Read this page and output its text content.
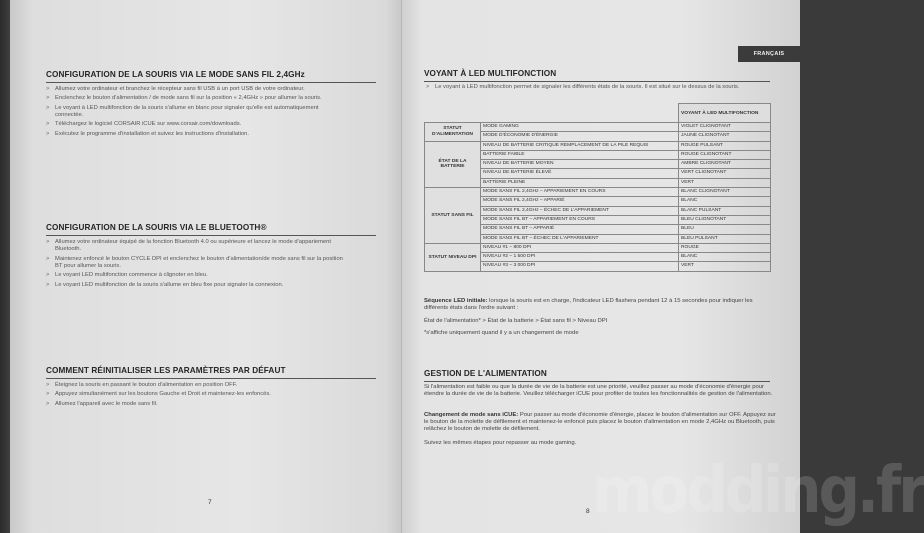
CONFIGURATION DE LA SOURIS VIA LE MODE SANS FIL 2,4GHz
> Allumez votre ordinateur et branchez le récepteur sans fil USB à un port USB de votre ordinateur.
> Enclenchez le bouton d'alimentation / de mode sans fil sur la position « 2,4GHz » pour allumer la souris.
> Le voyant à LED multifonction de la souris s'allume en blanc pour signaler qu'elle est automatiquement connectée.
> Téléchargez le logiciel CORSAIR iCUE sur www.corsair.com/downloads.
> Exécutez le programme d'installation et suivez les instructions d'installation.
CONFIGURATION DE LA SOURIS VIA LE BLUETOOTH®
> Allumez votre ordinateur équipé de la fonction Bluetooth 4.0 ou supérieure et lancez le mode d'appariement Bluetooth.
> Maintenez enfoncé le bouton CYCLE DPI et enclenchez le bouton d'alimentation/de mode sans fil sur la position BT pour allumer la souris.
> Le voyant LED multifonction commence à clignoter en bleu.
> Le voyant LED multifonction de la souris s'allume en bleu fixe pour signaler la connexion.
COMMENT RÉINITIALISER LES PARAMÈTRES PAR DÉFAUT
> Éteignez la souris en passant le bouton d'alimentation en position OFF.
> Appuyez simultanément sur les boutons Gauche et Droit et maintenez-les enfoncés.
> Allumez l'appareil avec le mode sans fil.
7
FRANÇAIS
VOYANT À LED MULTIFONCTION
> Le voyant à LED multifonction permet de signaler les différents états de la souris. Il est situé sur le dessus de la souris.
		VOYANT À LED MULTIFONCTION
STATUT D'ALIMENTATION	MODE GAMING	VIOLET CLIGNOTANT
	MODE D'ÉCONOMIE D'ÉNERGIE	JAUNE CLIGNOTANT
ÉTAT DE LA BATTERIE	NIVEAU DE BATTERIE CRITIQUE REMPLACEMENT DE LA PILE REQUIS	ROUGE PULSANT
	BATTERIE FAIBLE	ROUGE CLIGNOTANT
	NIVEAU DE BATTERIE MOYEN	AMBRE CLIGNOTANT
	NIVEAU DE BATTERIE ÉLEVÉ	VERT CLIGNOTANT
	BATTERIE PLEINE	VERT
STATUT SANS FIL	MODE SANS FIL 2,4GHz – APPARIEMENT EN COURS	BLANC CLIGNOTANT
	MODE SANS FIL 2,4GHz – APPARIÉ	BLANC
	MODE SANS FIL 2,4GHz – ÉCHEC DE L'APPARIEMENT	BLANC PULSANT
	MODE SANS FIL BT – APPARIEMENT EN COURS	BLEU CLIGNOTANT
	MODE SANS FIL BT – APPARIÉ	BLEU
	MODE SANS FIL BT – ÉCHEC DE L'APPARIEMENT	BLEU PULSANT
STATUT NIVEAU DPI	NIVEAU #1 – 800 DPI	ROUGE
	NIVEAU #2 – 1 500 DPI	BLANC
	NIVEAU #3 – 3 000 DPI	VERT
Séquence LED initiale: lorsque la souris est en charge, l'indicateur LED flashera pendant 12 à 15 secondes pour indiquer les différents états dans l'ordre suivant :
État de l'alimentation* > État de la batterie > État sans fil > Niveau DPI
*s'affiche uniquement quand il y a un changement de mode
GESTION DE L'ALIMENTATION
Si l'alimentation est faible ou que la durée de vie de la batterie est une priorité, veuillez passer au mode d'économie d'énergie pour étendre la durée de vie de la batterie. Veuillez télécharger iCUE pour profiter de toutes les fonctionnalités de gestion de l'alimentation.
Changement de mode sans iCUE: Pour passer au mode d'économie d'énergie, placez le bouton d'alimentation sur OFF. Appuyez sur le bouton de la molette de défilement et maintenez-le enfoncé puis placez le bouton d'alimentation en mode 2,4GHz ou Bluetooth, puis relâchez le bouton de molette de défilement.
Suivez les mêmes étapes pour repasser au mode gaming.
8 modding.fr
